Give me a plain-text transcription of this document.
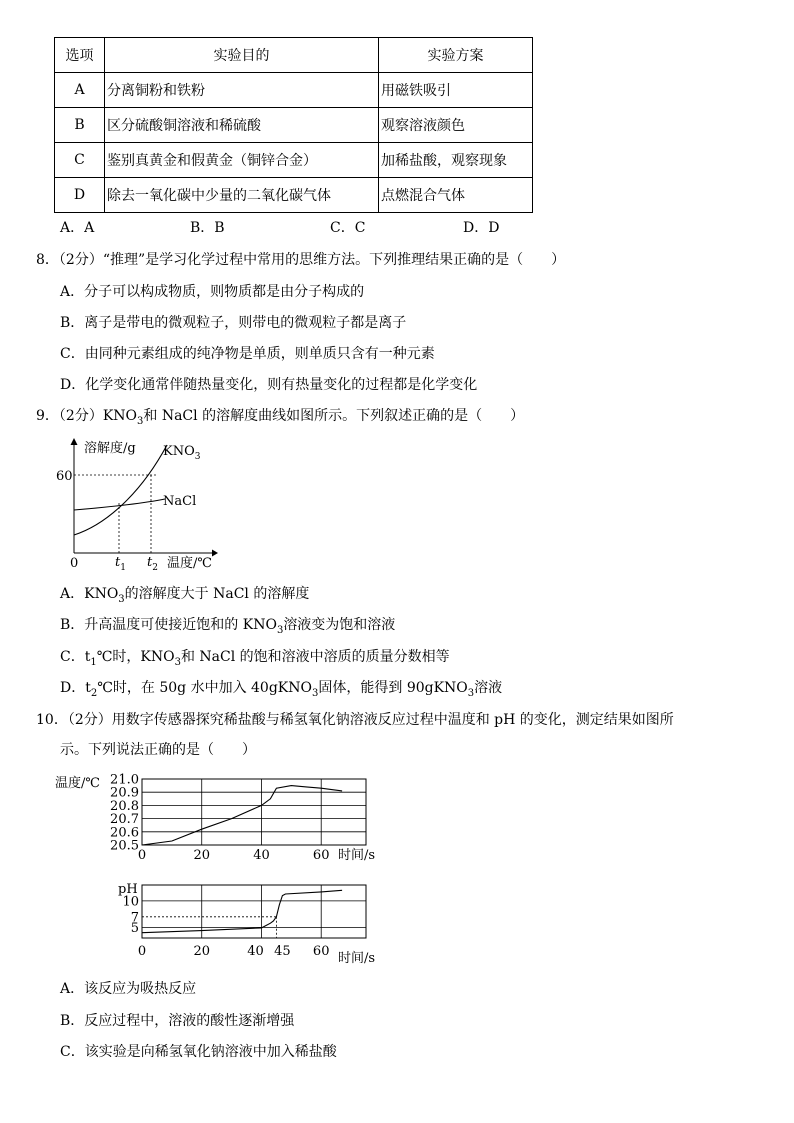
选项	实验目的	实验方案
A	分离铜粉和铁粉	用磁铁吸引
B	区分硫酸铜溶液和稀硫酸	观察溶液颜色
C	鉴别真黄金和假黄金（铜锌合金）	加稀盐酸，观察现象
D	除去一氧化碳中少量的二氧化碳气体	点燃混合气体
A．A	B．B	C．C	D．D
8．（2分）“推理”是学习化学过程中常用的思维方法。下列推理结果正确的是（　　）
A．分子可以构成物质，则物质都是由分子构成的
B．离子是带电的微观粒子，则带电的微观粒子都是离子
C．由同种元素组成的纯净物是单质，则单质只含有一种元素
D．化学变化通常伴随热量变化，则有热量变化的过程都是化学变化
9．（2分）$KNO_3$和 NaCl 的溶解度曲线如图所示。下列叙述正确的是（　　）
溶解度/g $KNO_3$
NaCl
60
0	$t_1$ $t_2$ 温度/℃
A．$KNO_3$的溶解度大于 NaCl 的溶解度
B．升高温度可使接近饱和的 $KNO_3$溶液变为饱和溶液
C．$t_1℃$时，$KNO_3$和 NaCl 的饱和溶液中溶质的质量分数相等
D．$t_2℃$时，在 50g 水中加入 40gKNO$_3$固体，能得到 90gKNO$_3$溶液
10．（2分）用数字传感器探究稀盐酸与稀氢氧化钠溶液反应过程中温度和 pH 的变化，测定结果如图所
示。下列说法正确的是（　　）
温度/℃ 21.0
20.9
20.8
20.7
20.6
20.5
0	20	40	60 时间/s
pH
10
7
5
0	20	40 45 60 时间/s
A．该反应为吸热反应
B．反应过程中，溶液的酸性逐渐增强
C．该实验是向稀氢氧化钠溶液中加入稀盐酸
